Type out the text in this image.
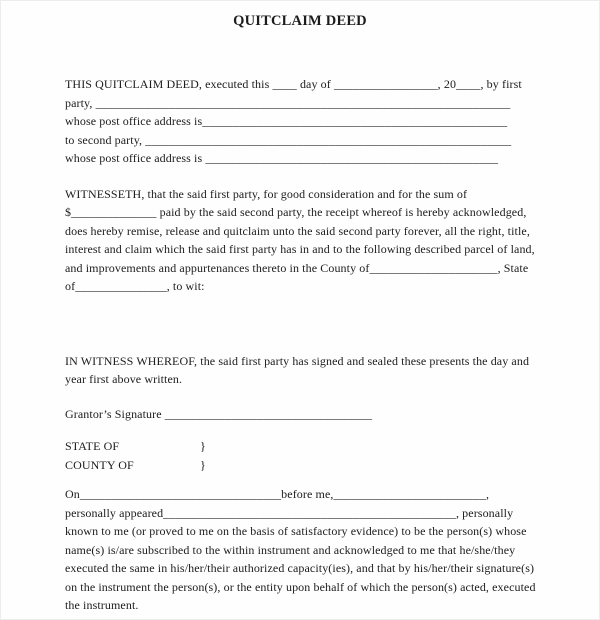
QUITCLAIM DEED
THIS QUITCLAIM DEED, executed this ____ day of _________________, 20____, by first
party, ____________________________________________________________________
whose post office address is__________________________________________________
to second party, ____________________________________________________________
whose post office address is ________________________________________________
WITNESSETH, that the said first party, for good consideration and for the sum of
$______________ paid by the said second party, the receipt whereof is hereby acknowledged,
does hereby remise, release and quitclaim unto the said second party forever, all the right, title,
interest and claim which the said first party has in and to the following described parcel of land,
and improvements and appurtenances thereto in the County of_____________________, State
of_______________, to wit:
IN WITNESS WHEREOF, the said first party has signed and sealed these presents the day and
year first above written.
Grantor’s Signature __________________________________
STATE OF	}
COUNTY OF	}
On_________________________________before me,_________________________,
personally appeared________________________________________________, personally
known to me (or proved to me on the basis of satisfactory evidence) to be the person(s) whose
name(s) is/are subscribed to the within instrument and acknowledged to me that he/she/they
executed the same in his/her/their authorized capacity(ies), and that by his/her/their signature(s)
on the instrument the person(s), or the entity upon behalf of which the person(s) acted, executed
the instrument.
